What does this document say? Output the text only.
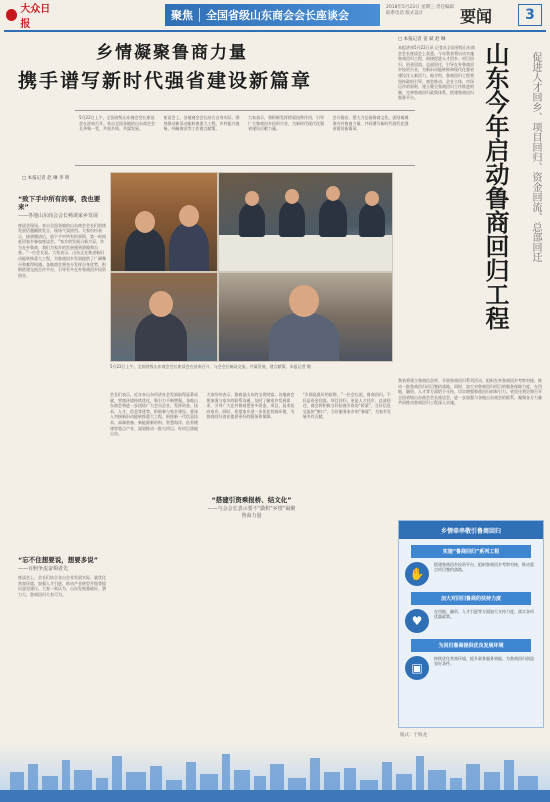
大众日报
聚焦 全国省级山东商会会长座谈会
2018年5月23日 星期三 责任编辑 联系电话 版式设计	要闻	3
乡情凝聚鲁商力量
携手谱写新时代强省建设新篇章
5月22日上午，全国省级山东商会会长座谈会在济南召开。来自全国各地的山东商会会长齐聚一堂，共叙乡情、共谋发展。
座谈会上，各地商会会长结合自身实际，围绕推动新旧动能转换重大工程、乡村振兴战略、经略海洋等工作建言献策。
大家表示，将积极发挥桥梁纽带作用，引导广大鲁商回乡投资兴业，为新时代现代化强省建设贡献力量。
会议指出，要大力弘扬鲁商文化，团结凝聚海内外鲁商力量，共同谱写新时代现代化强省建设新篇章。
□ 本报记者 赵 琳 李 明
“致下手中所有的事，我也要来”
——各地山东商会会长畅谈家乡发展
座谈会现场，来自全国各地的山东商会会长们围绕发展话题踊跃发言，现场气氛热烈。大家纷纷表示，接到邀请后，放下手中所有的事情，第一时间赶回家乡参加座谈会。“家乡的发展日新月异，作为在外鲁商，我们为家乡的发展感到骄傲和自豪。”一位会长说。大家表示，山东正在推进新旧动能转换重大工程，为鲁商回乡发展提供了广阔舞台和难得机遇。各地商会将充分发挥自身优势，积极搭建交流合作平台，引导更多在外鲁商回乡投资创业。
“忘不住想要说，想要多说”
——百舸争流奋楫者先
座谈会上，会长们结合各自企业发展实际，就优化营商环境、加强人才引进、推动产业转型升级等提出意见建议。大家一致认为，山东发展基础好、潜力大，鲁商回归大有可为。
5月22日上午，全国省级山东商会会长座谈会在济南召开，与会会长畅谈交流，共谋发展，建言献策。本报记者 摄
会长们表示，近年来山东经济社会发展取得显著成就，营商环境持续优化，吸引力不断增强。各地山东商会将进一步团结广大会员企业，发挥资金、技术、人才、信息等优势，积极参与家乡建设。要深入对接新旧动能转换重大工程，围绕新一代信息技术、高端装备、新能源新材料、智慧海洋、医养健康等重点产业，谋划推动一批大项目、好项目落地山东。
大家纷纷表示，鲁商是山东的宝贵财富。各地商会要加强与家乡的联系沟通，及时了解家乡发展需求，引导广大在外鲁商把更多资金、项目、技术投向家乡。同时，希望家乡进一步优化营商环境，为鲁商回归创业提供更好的服务和保障。
“搭建引资乘报桥、结文化”
——与会会长表示要不“做积”乡情”凝聚鲁商力量
“乡情是最好的纽带。”一位会长说，鲁商回归，不仅是资金回流、项目回归，更是人才回乡、总部回迁。商会将积极当好招商引资的“桥梁”，当好信息交流的“窗口”，当好服务家乡的“参谋”，为家乡发展多作贡献。
□ 本报记者 姜 斌 赵 琳
本报济南5月22日讯 记者从全国省级山东商会会长座谈会上获悉，今年我省将启动实施鲁商回归工程，围绕促进人才回乡、项目回归、资金回流、总部回迁，引导在外鲁商回乡投资兴业，为新旧动能转换和现代化强省建设注入新活力。据介绍，鲁商回归工程将坚持政府引导、商会推动、企业主体、市场运作的原则，建立健全鲁商回归工作推进机制，完善鲁商回归政策体系，搭建鲁商回归服务平台。	山东今年启动鲁商回归工程	促进人才回乡、项目回归、资金回流、总部回迁
我省将建立鲁商信息库，开展鲁商回归系列活动，组织在外鲁商回乡考察对接，推动一批鲁商回归项目签约落地。同时，加大对鲁商回归项目的服务保障力度，在用地、融资、人才等方面给予支持，切实增强鲁商回归的吸引力。省里还将定期召开全国省级山东商会会长座谈会，进一步加强与各地山东商会的联系，凝聚各方力量共同推动鲁商回归工程深入实施。
乡情牵串敬引鲁商回归
实施“鲁商回归”系列工程
✋
搭建鲁商回乡投资平台，组织鲁商回乡考察对接，推动重点项目签约落地。
加大对回归鲁商的扶持力度
♥
在用地、融资、人才引进等方面加大支持力度，落实各项优惠政策。
为回归鲁商提供优良发展环境
▣
持续优化营商环境，提升政务服务效能，为鲁商回归创造良好条件。
版式：于海龙
